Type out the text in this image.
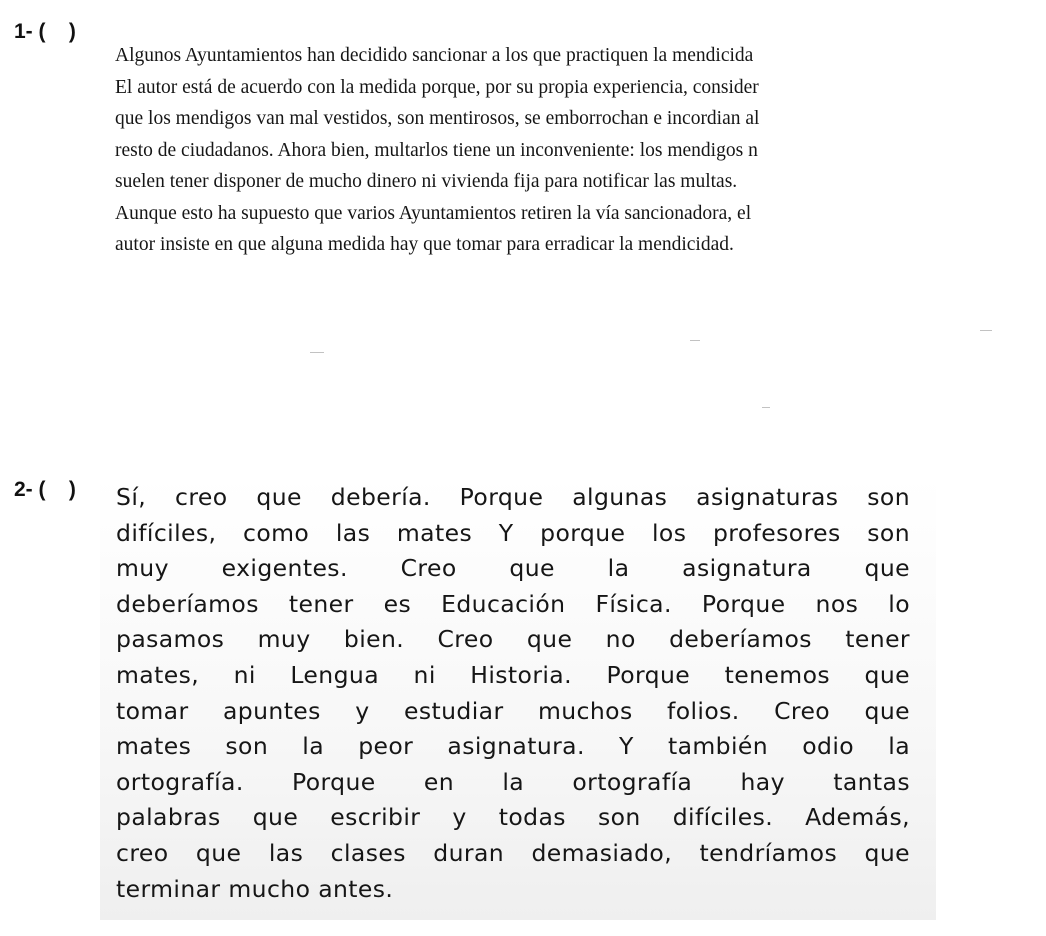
1- (    )
Algunos Ayuntamientos han decidido sancionar a los que practiquen la mendicida
El autor está de acuerdo con la medida porque, por su propia experiencia, consider
que los mendigos van mal vestidos, son mentirosos, se emborrochan e incordian al
resto de ciudadanos. Ahora bien, multarlos tiene un inconveniente: los mendigos n
suelen tener disponer de mucho dinero ni vivienda fija para notificar las multas.
Aunque esto ha supuesto que varios Ayuntamientos retiren la vía sancionadora, el
autor insiste en que alguna medida hay que tomar para erradicar la mendicidad.
2- (    ) Sí, creo que debería. Porque algunas asignaturas son
difíciles, como las mates Y porque los profesores son
muy exigentes. Creo que la asignatura que
deberíamos tener es Educación Física. Porque nos lo
pasamos muy bien. Creo que no deberíamos tener
mates, ni Lengua ni Historia. Porque tenemos que
tomar apuntes y estudiar muchos folios. Creo que
mates son la peor asignatura. Y también odio la
ortografía. Porque en la ortografía hay tantas
palabras que escribir y todas son difíciles. Además,
creo que las clases duran demasiado, tendríamos que
terminar mucho antes.
